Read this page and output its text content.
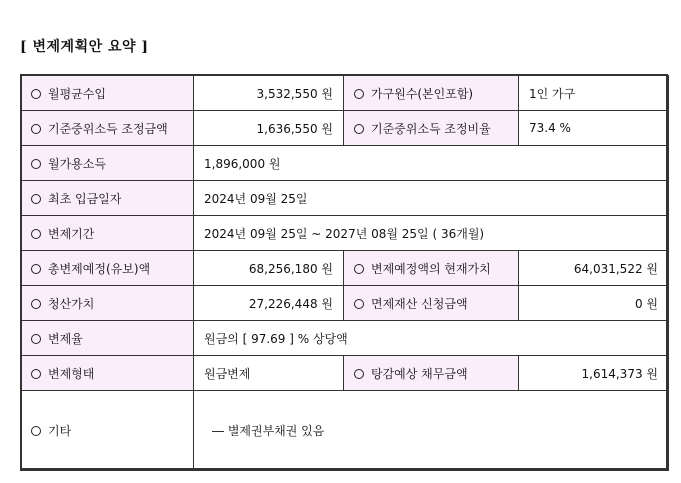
[ 변제계획안 요약 ]
월평균수입	3,532,550 원	가구원수(본인포함)	1인 가구
기준중위소득 조정금액	1,636,550 원	기준중위소득 조정비율	73.4 %
월가용소득	1,896,000 원		
최초 입금일자	2024년 09월 25일		
변제기간	2024년 09월 25일 ~ 2027년 08월 25일 ( 36개월)		
총변제예정(유보)액	68,256,180 원	변제예정액의 현재가치	64,031,522 원
청산가치	27,226,448 원	면제재산 신청금액	0 원
변제율	원금의 [ 97.69 ] % 상당액		
변제형태	원금변제	탕감예상 채무금액	1,614,373 원
기타	― 별제권부채권 있음		
